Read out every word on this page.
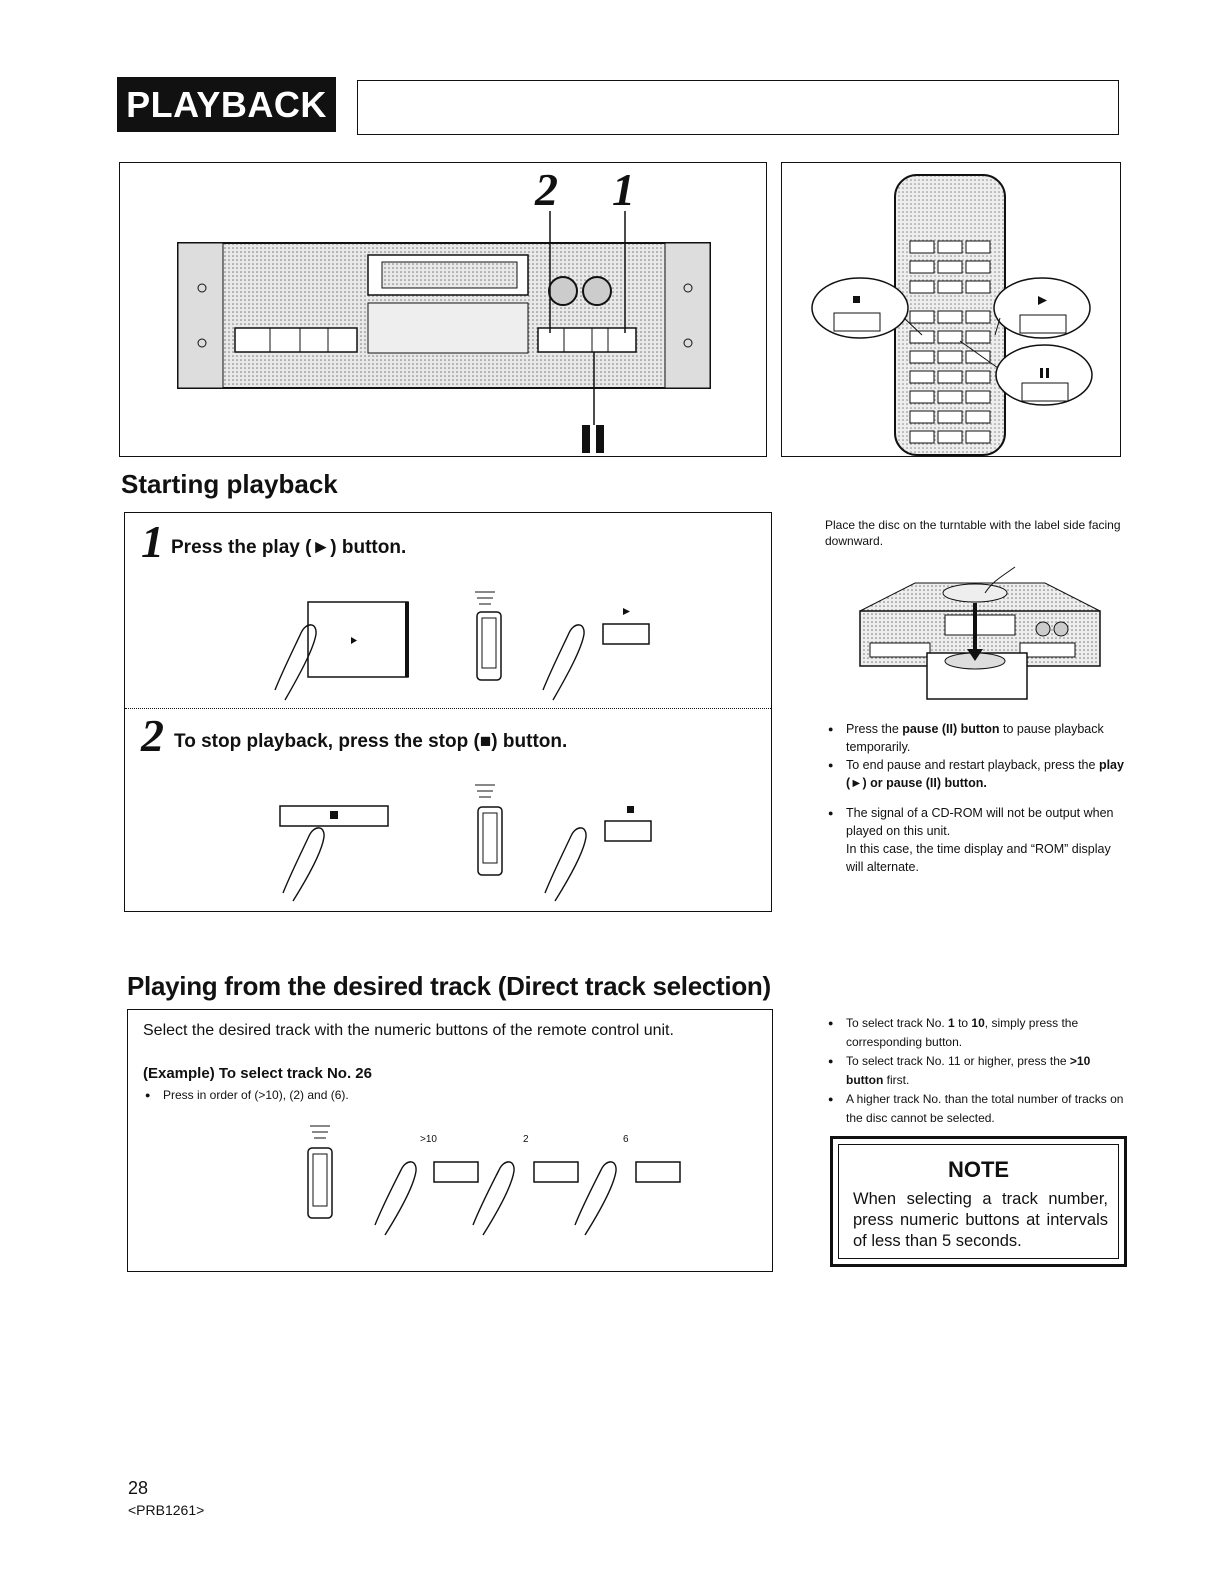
PLAYBACK
2 1
Starting playback
1 Press the play (►) button.
2 To stop playback, press the stop (■) button.
Place the disc on the turntable with the label side facing downward.
● Press the pause (II) button to pause playback temporarily.
● To end pause and restart playback, press the play (►) or pause (II) button.
● The signal of a CD-ROM will not be output when played on this unit.
In this case, the time display and “ROM” display will alternate.
Playing from the desired track (Direct track selection)
Select the desired track with the numeric buttons of the remote control unit.
(Example) To select track No. 26
● Press in order of (>10), (2) and (6).
>10	2	6
● To select track No. 1 to 10, simply press the corresponding button.
● To select track No. 11 or higher, press the >10 button first.
● A higher track No. than the total number of tracks on the disc cannot be selected.
NOTE
When selecting a track number, press numeric buttons at intervals of less than 5 seconds.
28
<PRB1261>
